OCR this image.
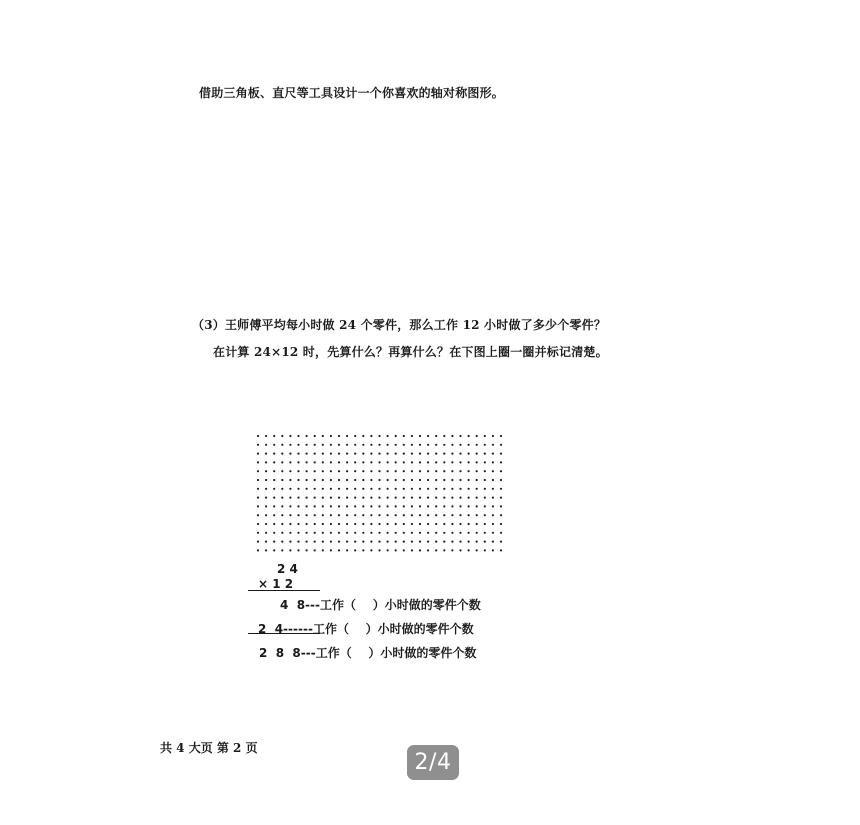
借助三角板、直尺等工具设计一个你喜欢的轴对称图形。
（3）王师傅平均每小时做 24 个零件，那么工作 12 小时做了多少个零件？
在计算 24×12 时，先算什么？再算什么？在下图上圈一圈并标记清楚。
2 4
× 1 2
4  8---工作（    ）小时做的零件个数
2  4------工作（    ）小时做的零件个数
2  8  8---工作（    ）小时做的零件个数
共 4 大页 第 2 页
2/4
